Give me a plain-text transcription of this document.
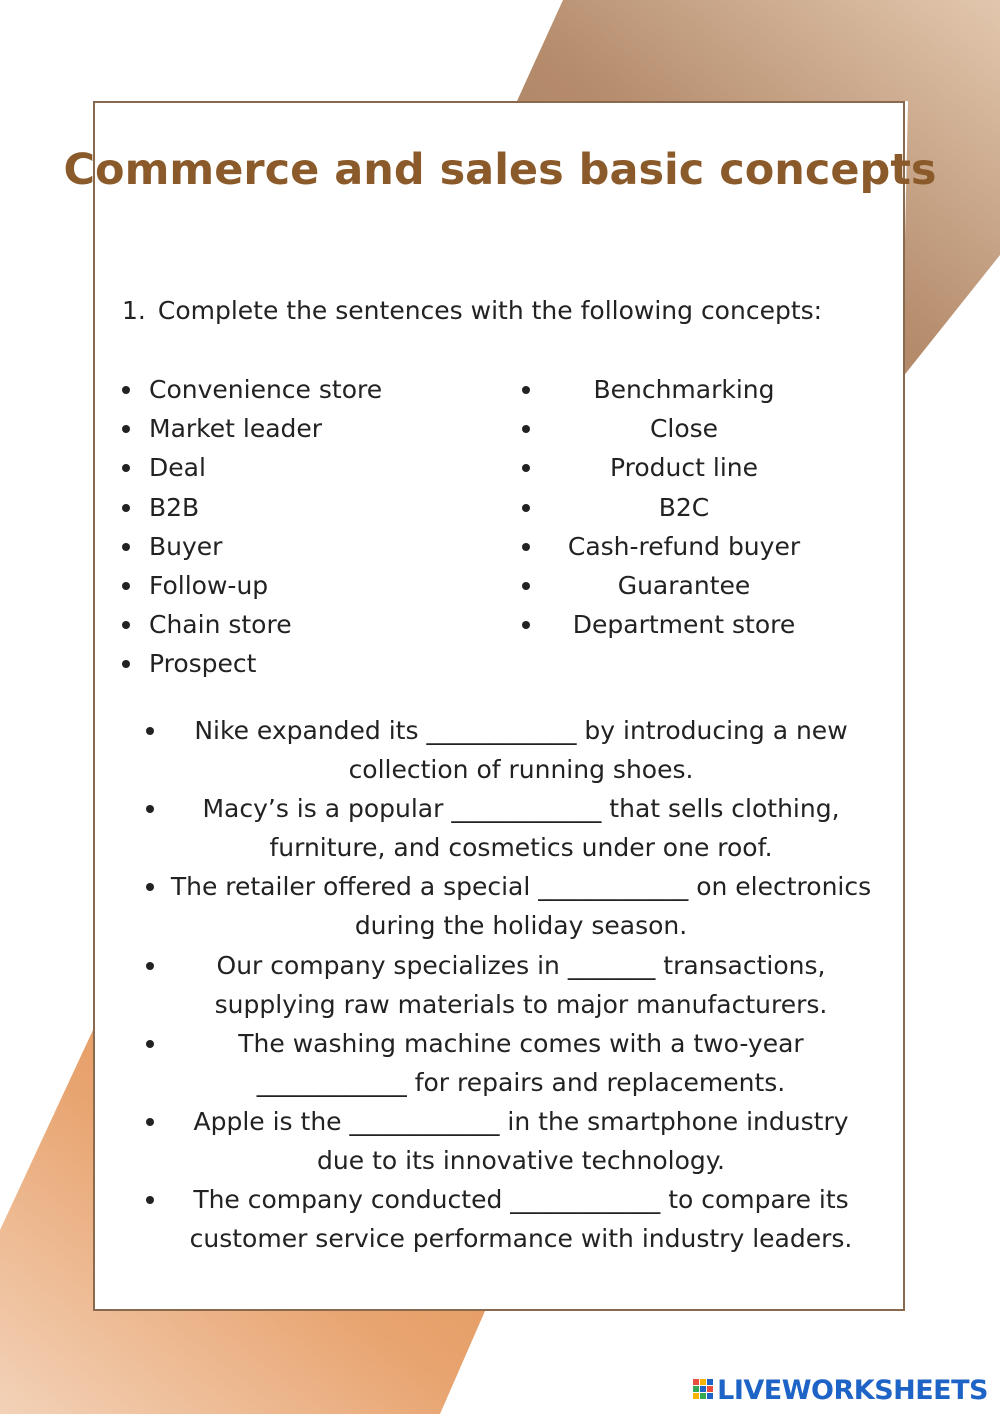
Commerce and sales basic concepts

1. Complete the sentences with the following concepts:

Convenience store
Market leader
Deal
B2B
Buyer
Follow-up
Chain store
Prospect
Benchmarking
Close
Product line
B2C
Cash-refund buyer
Guarantee
Department store
Nike expanded its ____________ by introducing a new collection of running shoes.
Macy’s is a popular ____________ that sells clothing, furniture, and cosmetics under one roof.
The retailer offered a special ____________ on electronics during the holiday season.
Our company specializes in _______ transactions, supplying raw materials to major manufacturers.
The washing machine comes with a two-year ____________ for repairs and replacements.
Apple is the ____________ in the smartphone industry due to its innovative technology.
The company conducted ____________ to compare its customer service performance with industry leaders.
LIVEWORKSHEETS
